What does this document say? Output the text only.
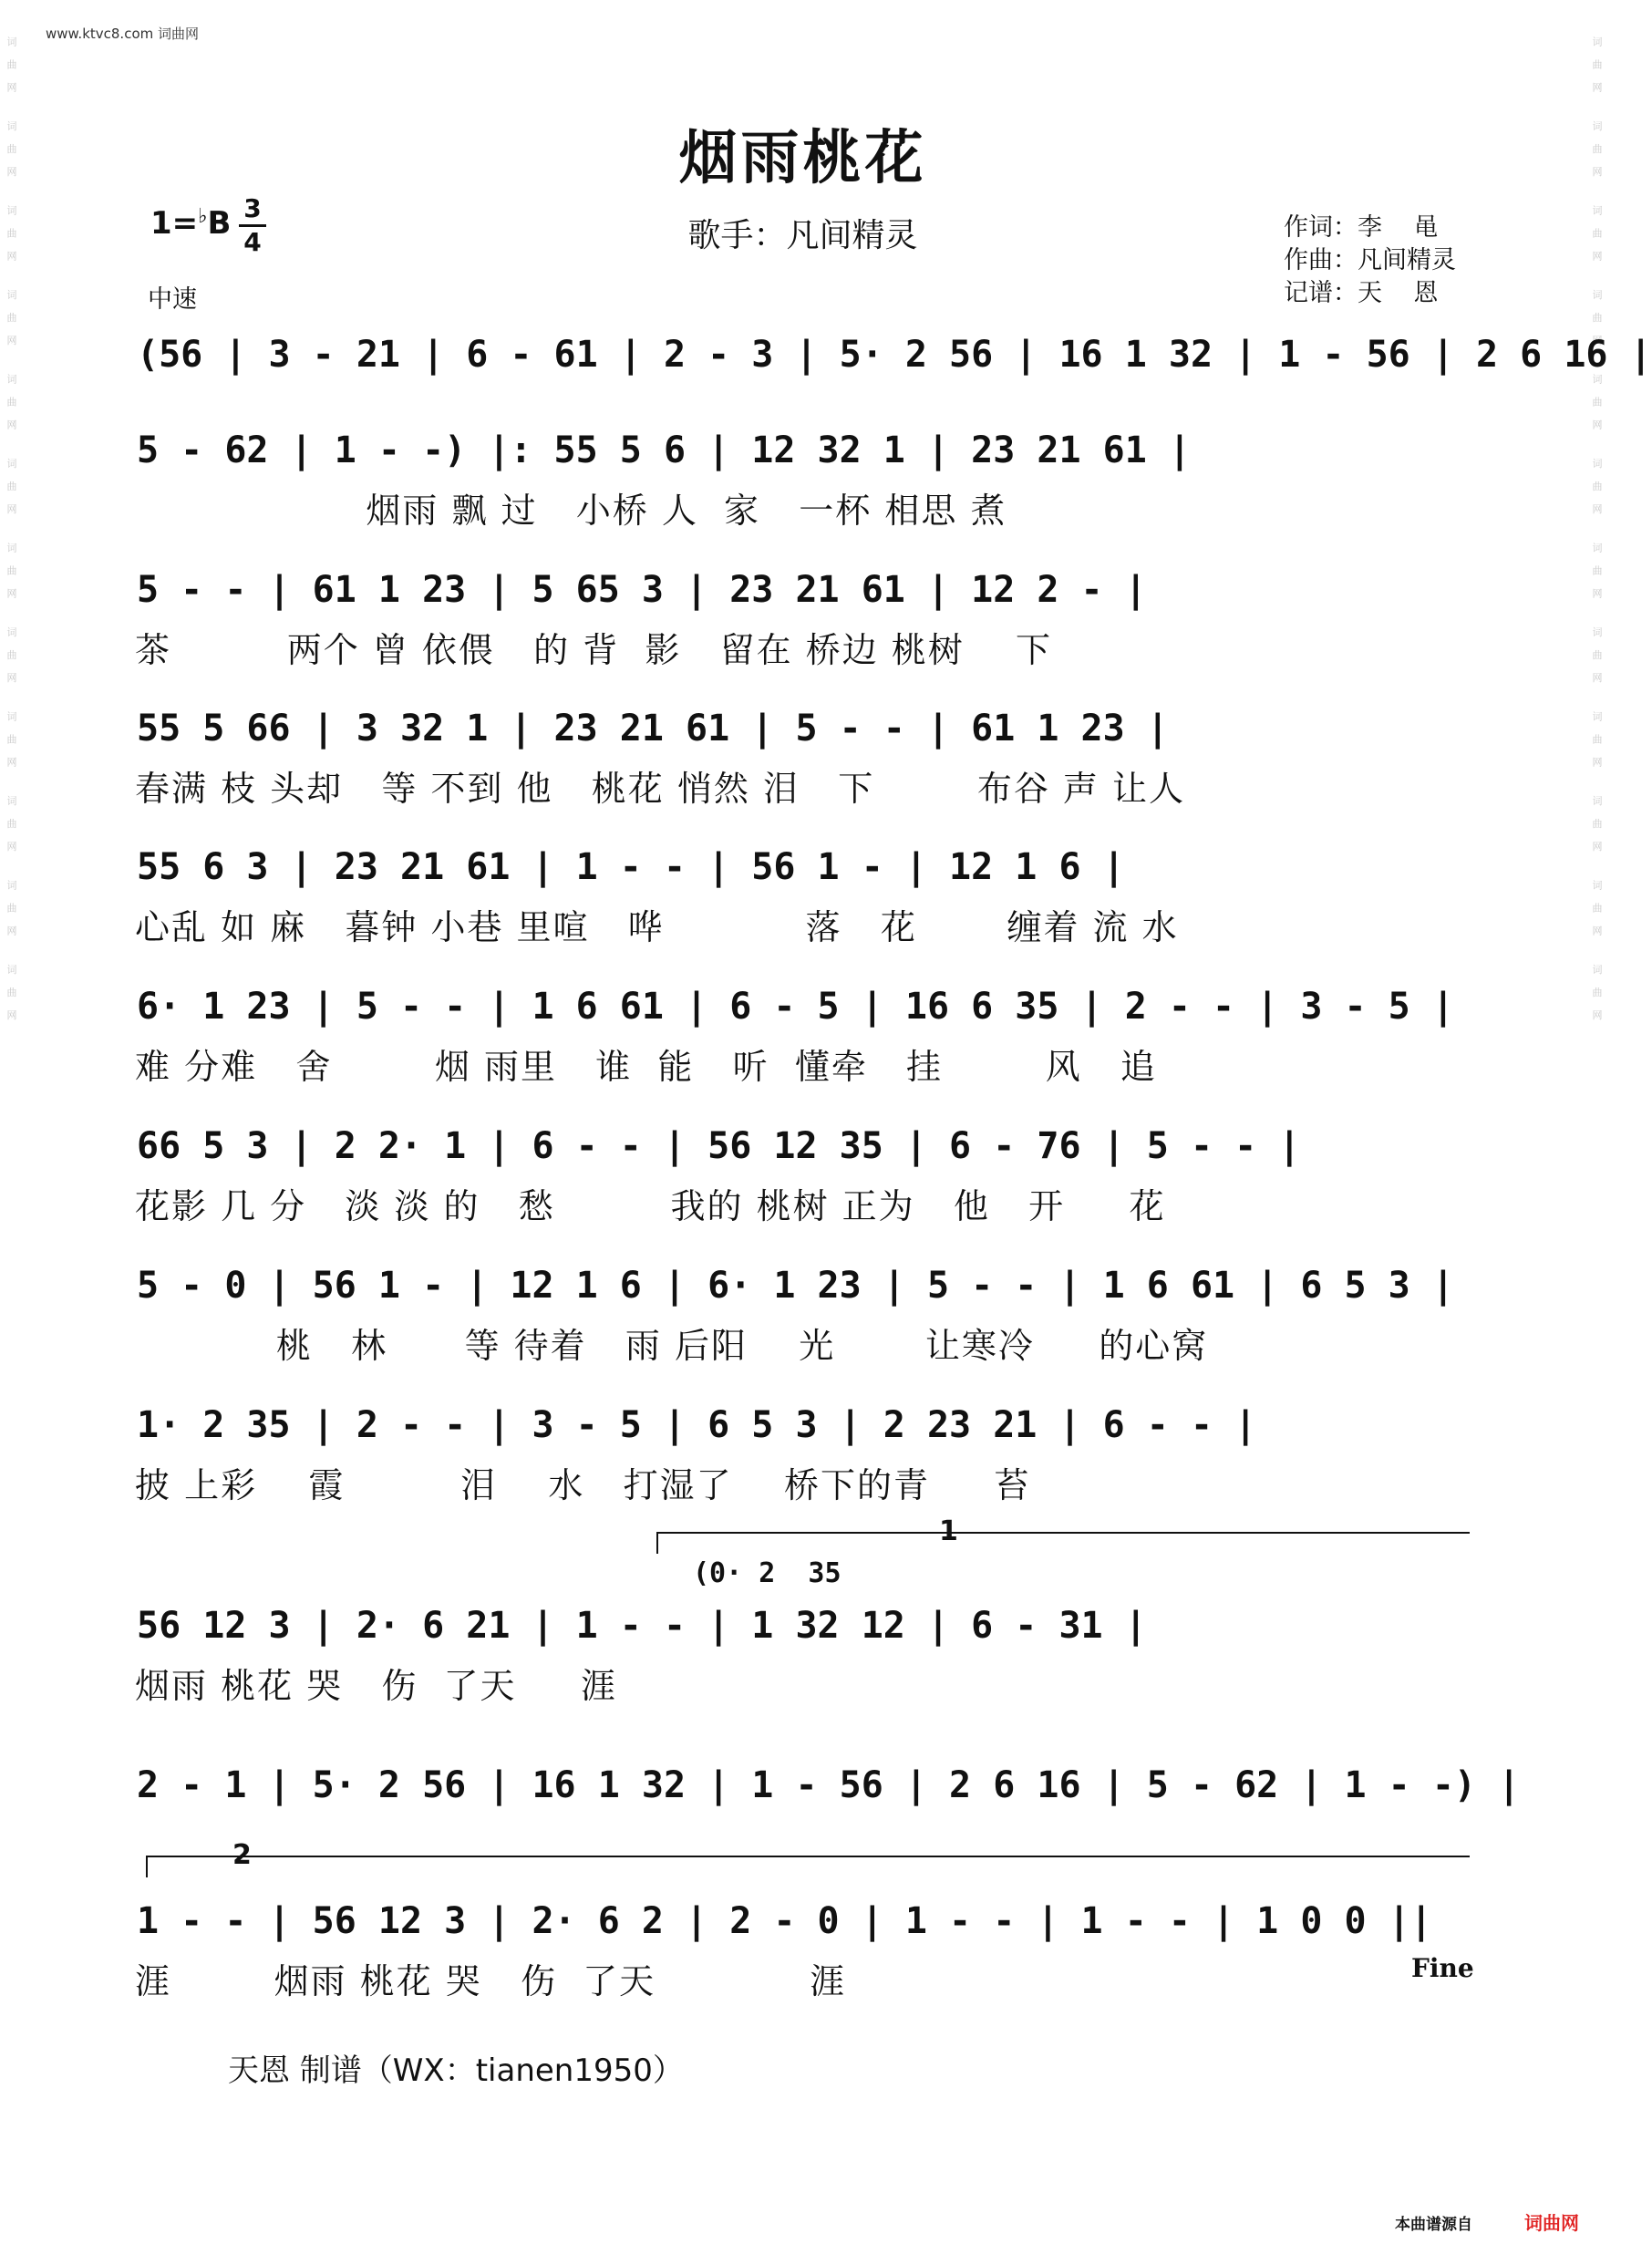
www.ktvc8.com 词曲网
词曲网 词曲网 词曲网 词曲网 词曲网 词曲网 词曲网 词曲网 词曲网 词曲网 词曲网 词曲网	词曲网 词曲网 词曲网 词曲网 词曲网 词曲网 词曲网 词曲网 词曲网 词曲网 词曲网 词曲网
烟雨桃花
歌手：凡间精灵
1=♭B 3
4
中速
作词：李    黾
作曲：凡间精灵
记谱：天    恩
(56 | 3 - 21 | 6 - 61 | 2 - 3 | 5· 2 56 | 16 1 32 | 1 - 56 | 2 6 16 |
5 - 62 | 1 - -) |: 55 5 6 | 12 32 1 | 23 21 61 |
烟雨 飘 过   小桥 人  家   一杯 相思 煮
5 - - | 61 1 23 | 5 65 3 | 23 21 61 | 12 2 - |
茶         两个 曾 依偎   的 背  影   留在 桥边 桃树    下
55 5 66 | 3 32 1 | 23 21 61 | 5 - - | 61 1 23 |
春满 枝 头却   等 不到 他   桃花 悄然 泪   下        布谷 声 让人
55 6 3 | 23 21 61 | 1 - - | 56 1 - | 12 1 6 |
心乱 如 麻   暮钟 小巷 里喧   哗           落   花       缠着 流 水
6· 1 23 | 5 - - | 1 6 61 | 6 - 5 | 16 6 35 | 2 - - | 3 - 5 |
难 分难   舍        烟 雨里   谁  能   听  懂牵   挂        风   追
66 5 3 | 2 2· 1 | 6 - - | 56 12 35 | 6 - 76 | 5 - - |
花影 几 分   淡 淡 的   愁         我的 桃树 正为   他   开     花
5 - 0 | 56 1 - | 12 1 6 | 6· 1 23 | 5 - - | 1 6 61 | 6 5 3 |
桃   林      等 待着   雨 后阳    光       让寒冷     的心窝
1· 2 35 | 2 - - | 3 - 5 | 6 5 3 | 2 23 21 | 6 - - |
披 上彩    霞         泪    水   打湿了    桥下的青     苔
1
(0· 2  35
56 12 3 | 2· 6 21 | 1 - - | 1 32 12 | 6 - 31 |
烟雨 桃花 哭   伤  了天     涯
2 - 1 | 5· 2 56 | 16 1 32 | 1 - 56 | 2 6 16 | 5 - 62 | 1 - -) |
2
1 - - | 56 12 3 | 2· 6 2 | 2 - 0 | 1 - - | 1 - - | 1 0 0 ||
涯        烟雨 桃花 哭   伤  了天            涯	Fine
天恩 制谱（WX：tianen1950）
本曲谱源自	词曲网
